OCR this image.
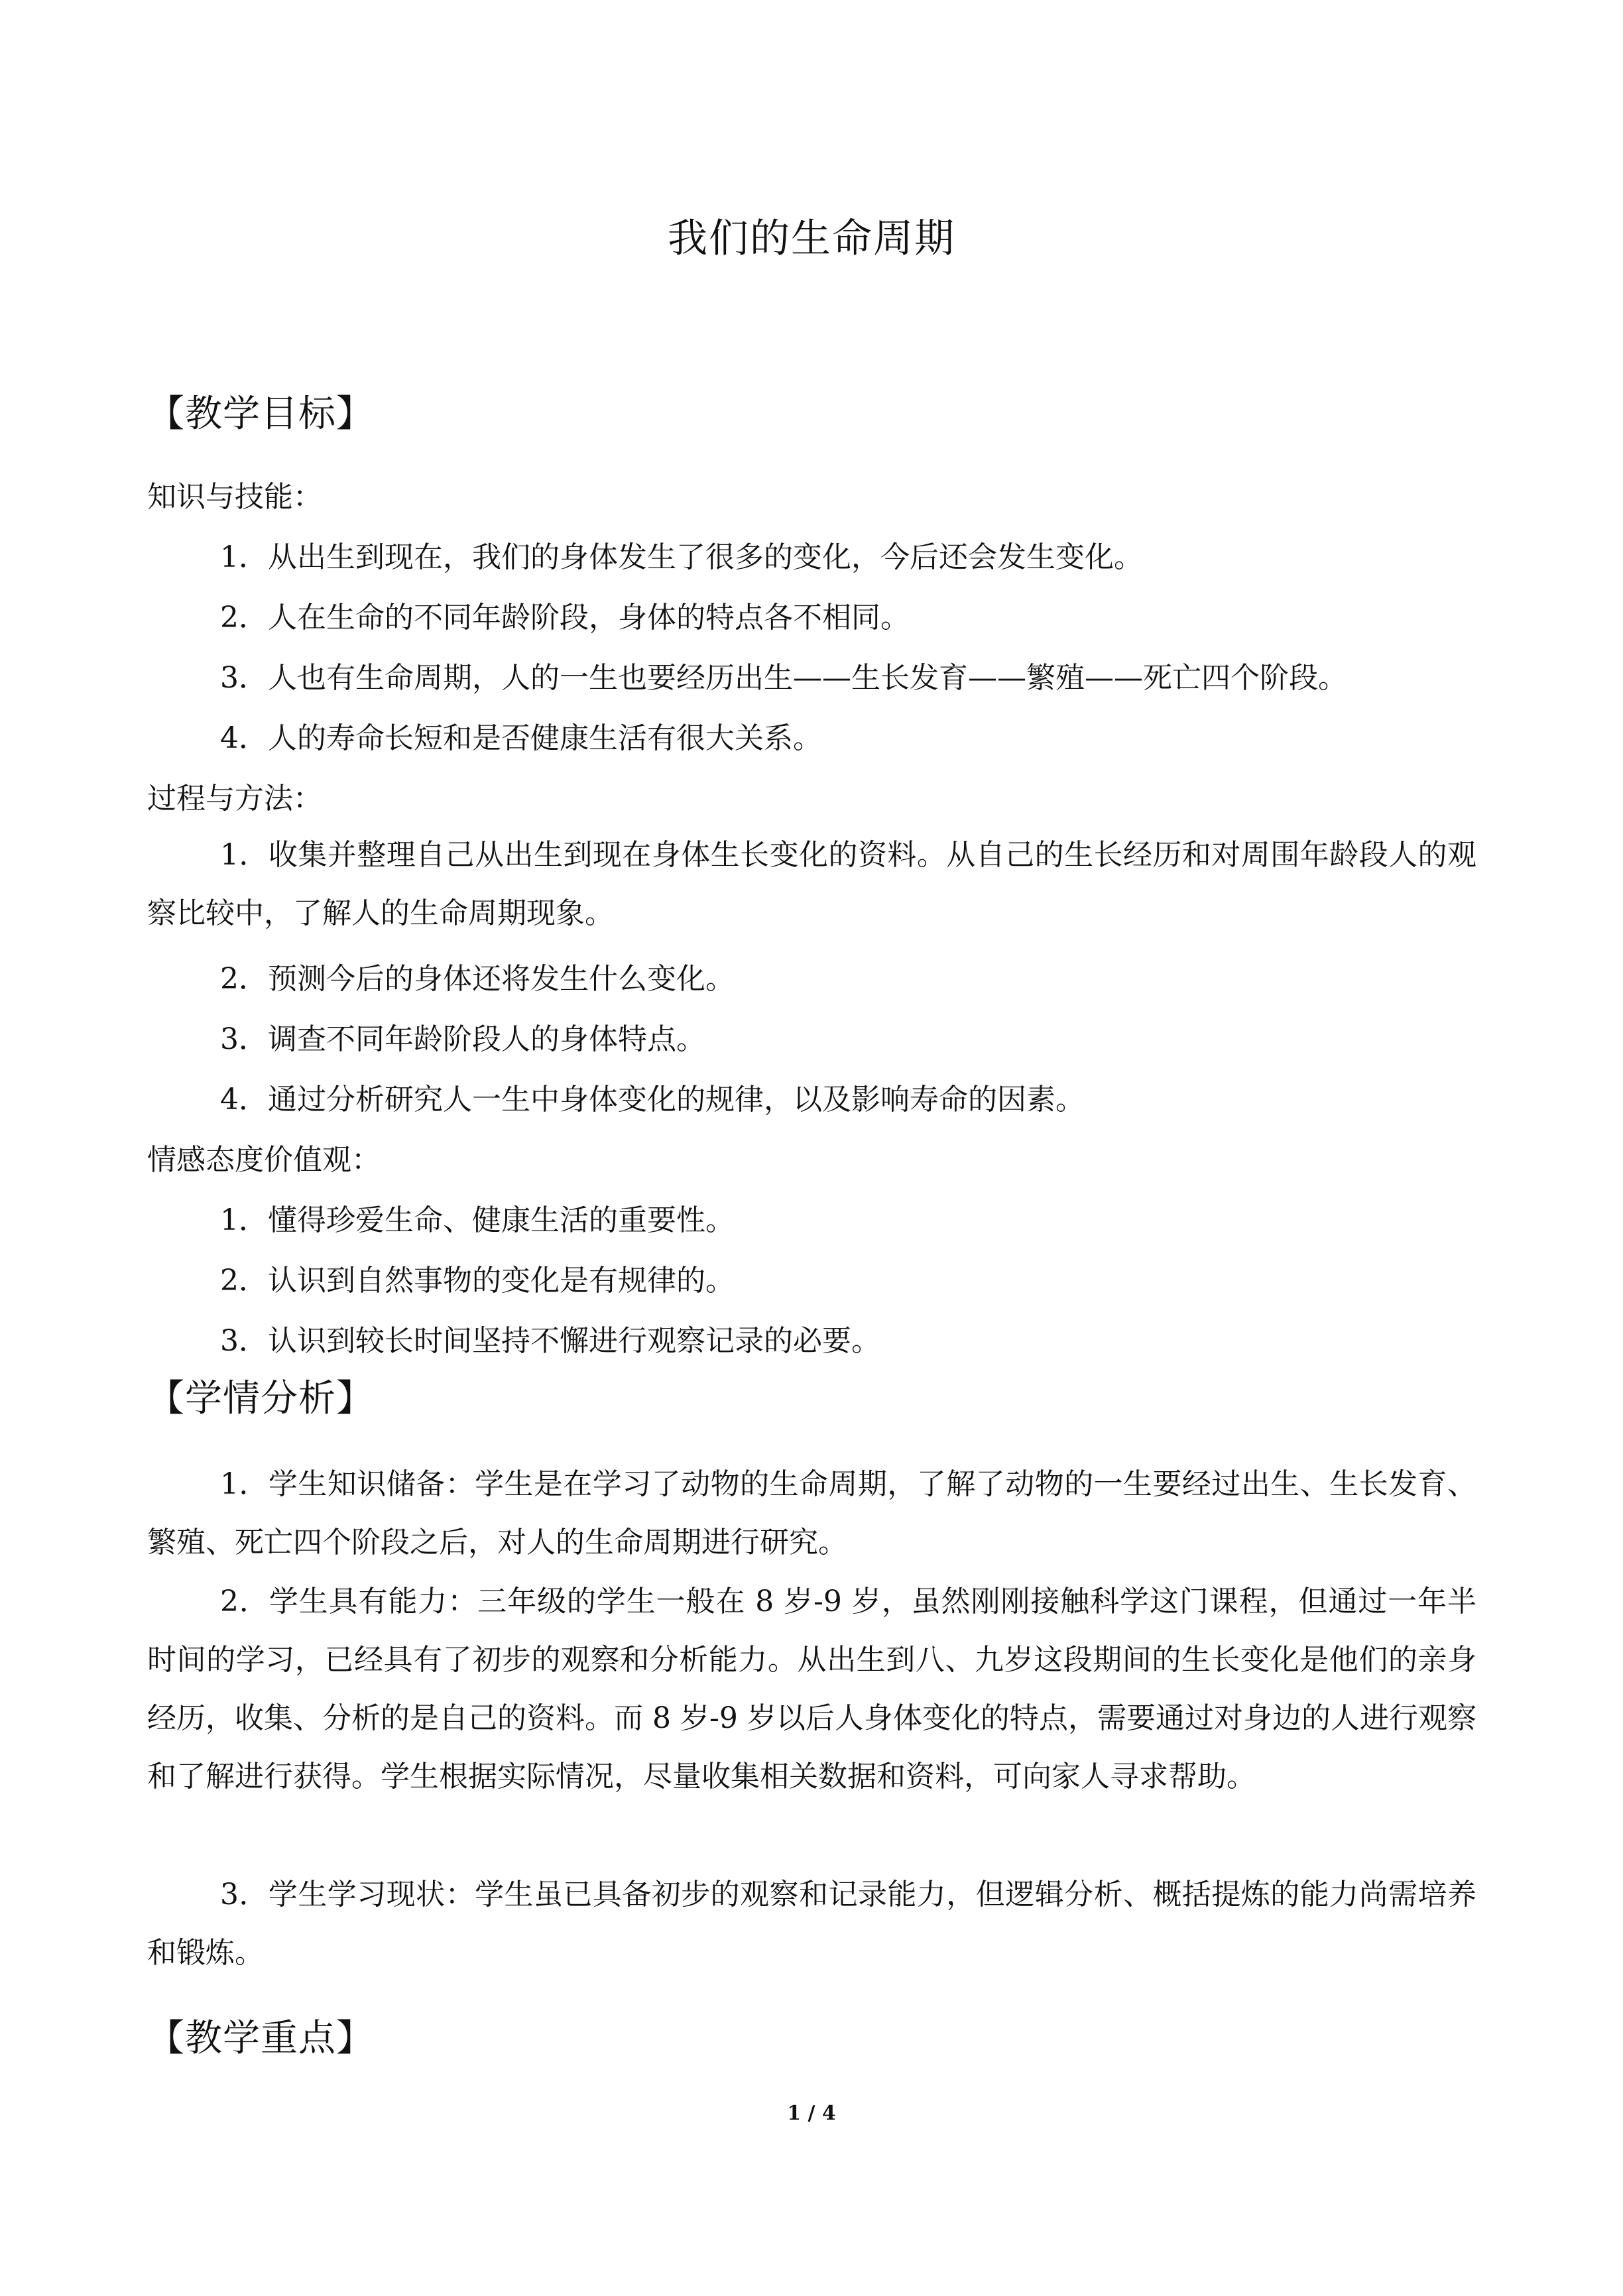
我们的生命周期
【教学目标】
知识与技能：
1．从出生到现在，我们的身体发生了很多的变化，今后还会发生变化。
2．人在生命的不同年龄阶段，身体的特点各不相同。
3．人也有生命周期，人的一生也要经历出生——生长发育——繁殖——死亡四个阶段。
4．人的寿命长短和是否健康生活有很大关系。
过程与方法：
1．收集并整理自己从出生到现在身体生长变化的资料。从自己的生长经历和对周围年龄段人的观察比较中，了解人的生命周期现象。
2．预测今后的身体还将发生什么变化。
3．调查不同年龄阶段人的身体特点。
4．通过分析研究人一生中身体变化的规律，以及影响寿命的因素。
情感态度价值观：
1．懂得珍爱生命、健康生活的重要性。
2．认识到自然事物的变化是有规律的。
3．认识到较长时间坚持不懈进行观察记录的必要。
【学情分析】
1．学生知识储备：学生是在学习了动物的生命周期，了解了动物的一生要经过出生、生长发育、繁殖、死亡四个阶段之后，对人的生命周期进行研究。
2．学生具有能力：三年级的学生一般在 8 岁-9 岁，虽然刚刚接触科学这门课程，但通过一年半时间的学习，已经具有了初步的观察和分析能力。从出生到八、九岁这段期间的生长变化是他们的亲身经历，收集、分析的是自己的资料。而 8 岁-9 岁以后人身体变化的特点，需要通过对身边的人进行观察和了解进行获得。学生根据实际情况，尽量收集相关数据和资料，可向家人寻求帮助。
3．学生学习现状：学生虽已具备初步的观察和记录能力，但逻辑分析、概括提炼的能力尚需培养和锻炼。
【教学重点】
1 / 4
